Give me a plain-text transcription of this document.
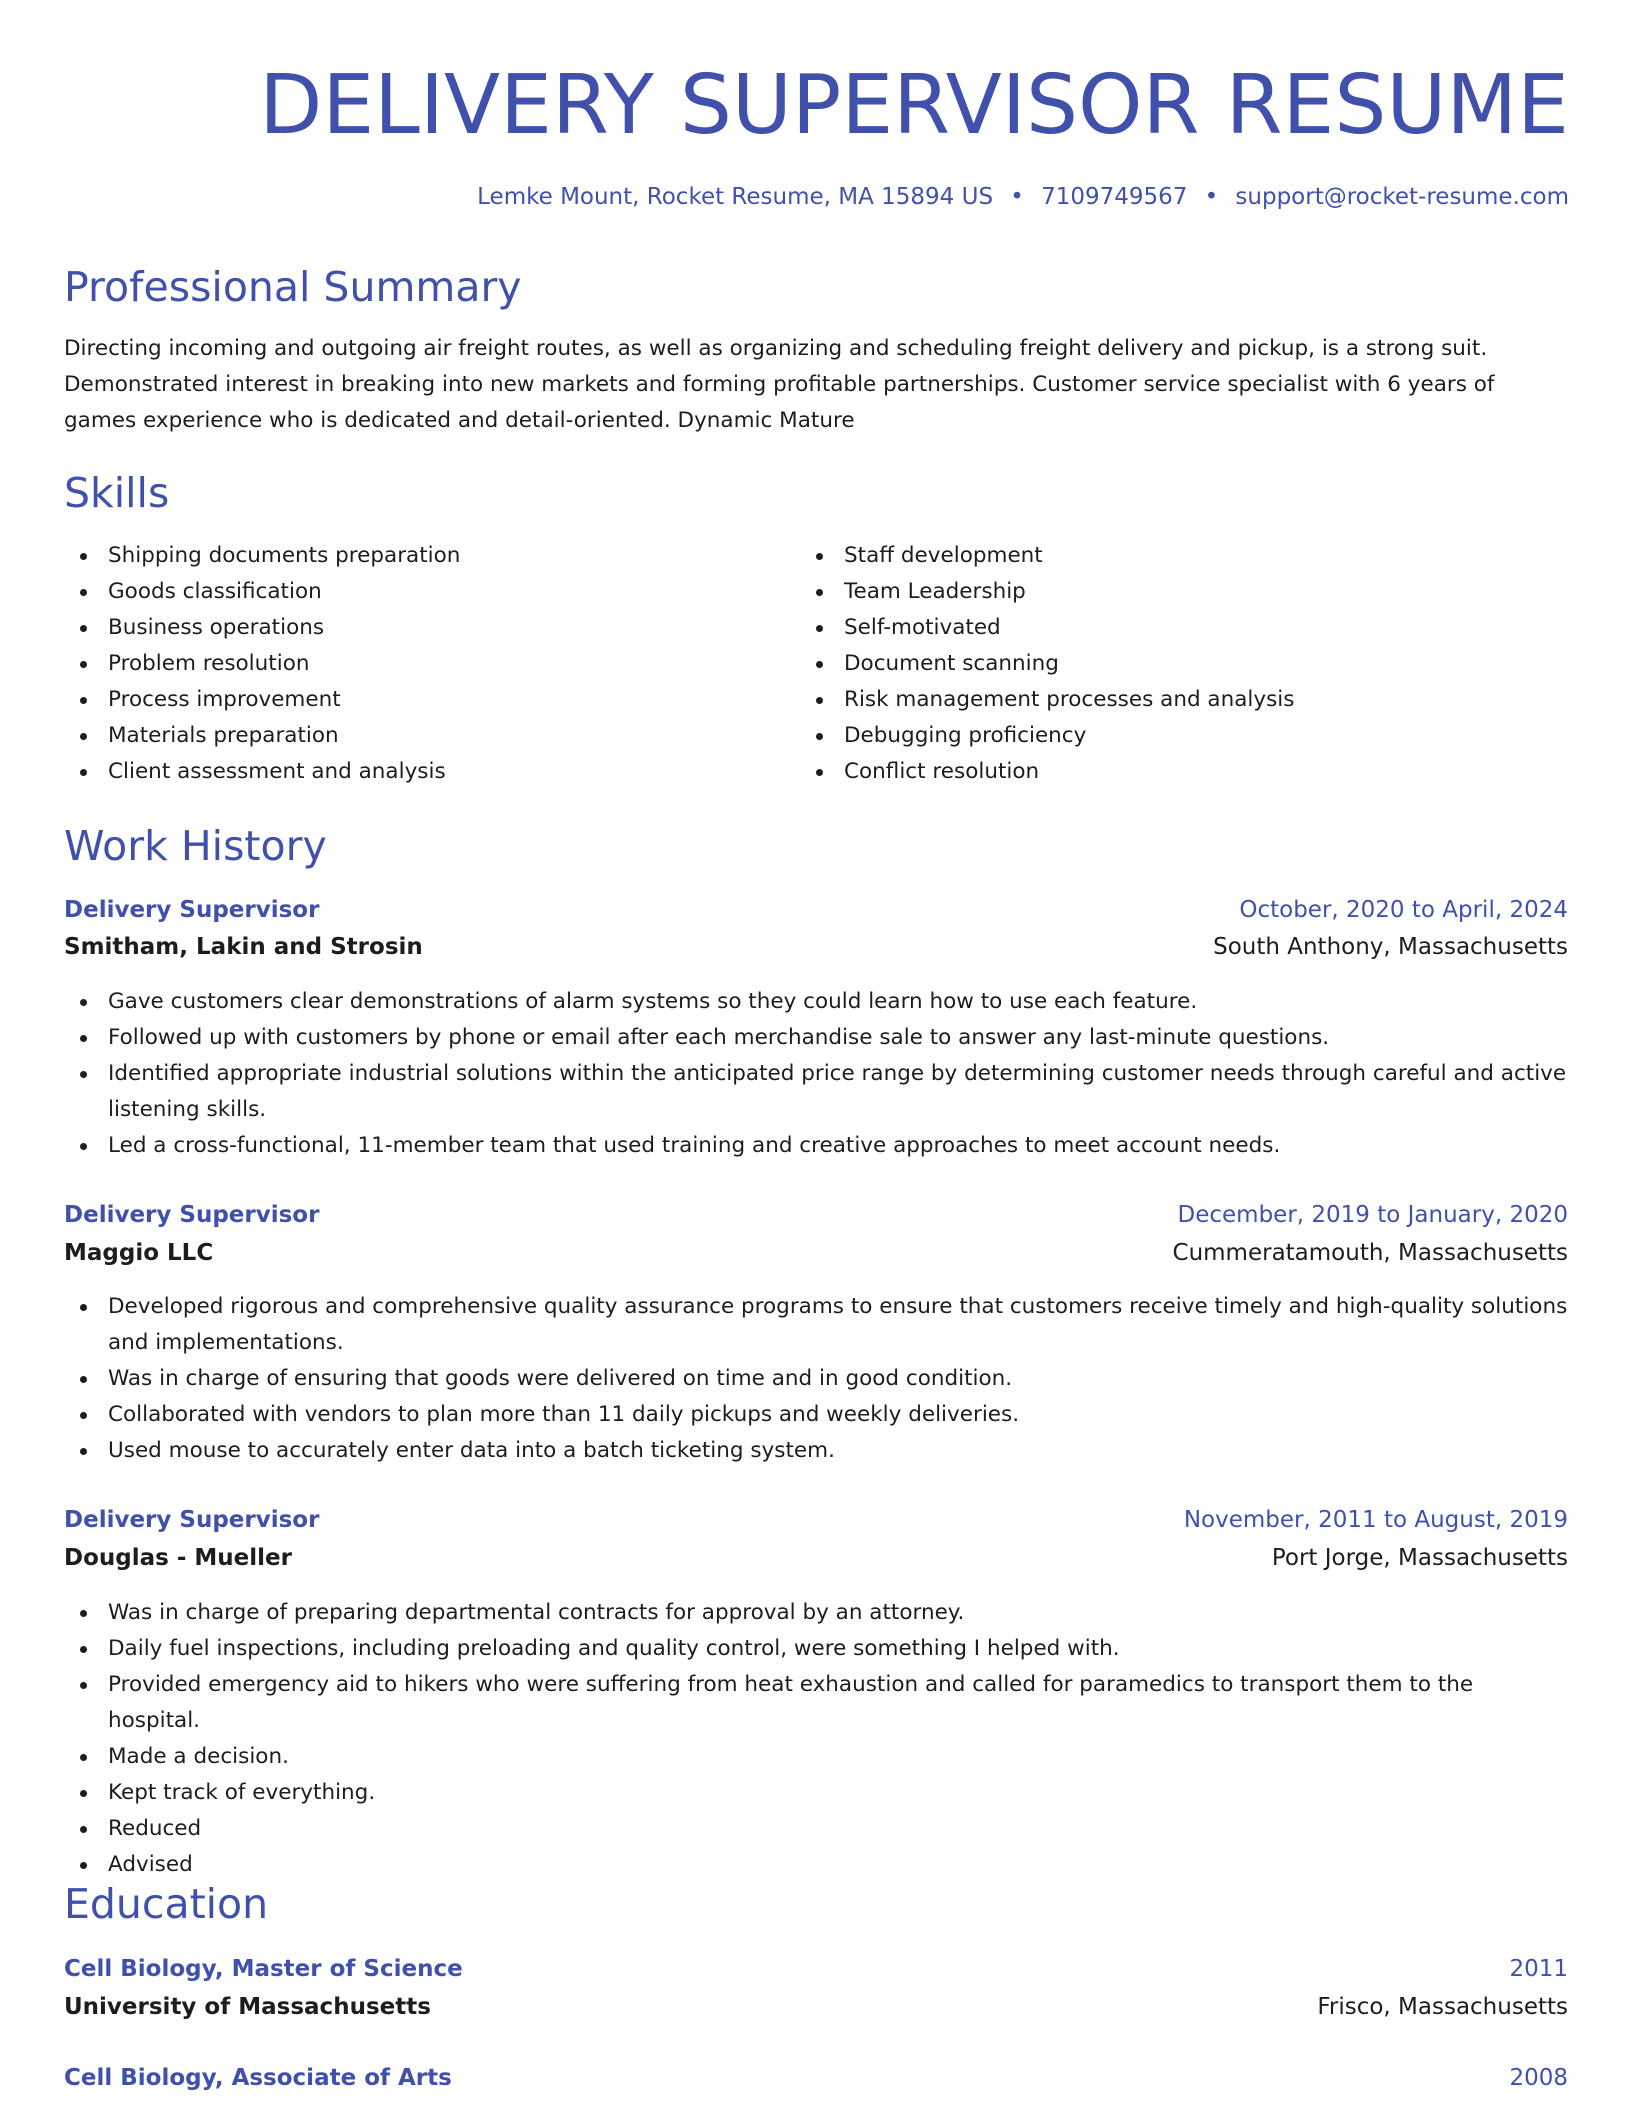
DELIVERY SUPERVISOR RESUME
Lemke Mount, Rocket Resume, MA 15894 US • 7109749567 • support@rocket-resume.com
Professional Summary
Directing incoming and outgoing air freight routes, as well as organizing and scheduling freight delivery and pickup, is a strong suit. Demonstrated interest in breaking into new markets and forming profitable partnerships. Customer service specialist with 6 years of games experience who is dedicated and detail-oriented. Dynamic Mature
Skills
Shipping documents preparation
Goods classification
Business operations
Problem resolution
Process improvement
Materials preparation
Client assessment and analysis
Staff development
Team Leadership
Self-motivated
Document scanning
Risk management processes and analysis
Debugging proficiency
Conflict resolution
Work History
Delivery Supervisor	October, 2020 to April, 2024
Smitham, Lakin and Strosin	South Anthony, Massachusetts
Gave customers clear demonstrations of alarm systems so they could learn how to use each feature.
Followed up with customers by phone or email after each merchandise sale to answer any last-minute questions.
Identified appropriate industrial solutions within the anticipated price range by determining customer needs through careful and active listening skills.
Led a cross-functional, 11-member team that used training and creative approaches to meet account needs.
Delivery Supervisor	December, 2019 to January, 2020
Maggio LLC	Cummeratamouth, Massachusetts
Developed rigorous and comprehensive quality assurance programs to ensure that customers receive timely and high-quality solutions and implementations.
Was in charge of ensuring that goods were delivered on time and in good condition.
Collaborated with vendors to plan more than 11 daily pickups and weekly deliveries.
Used mouse to accurately enter data into a batch ticketing system.
Delivery Supervisor	November, 2011 to August, 2019
Douglas - Mueller	Port Jorge, Massachusetts
Was in charge of preparing departmental contracts for approval by an attorney.
Daily fuel inspections, including preloading and quality control, were something I helped with.
Provided emergency aid to hikers who were suffering from heat exhaustion and called for paramedics to transport them to the hospital.
Made a decision.
Kept track of everything.
Reduced
Advised
Education
Cell Biology, Master of Science	2011
University of Massachusetts	Frisco, Massachusetts
Cell Biology, Associate of Arts	2008
